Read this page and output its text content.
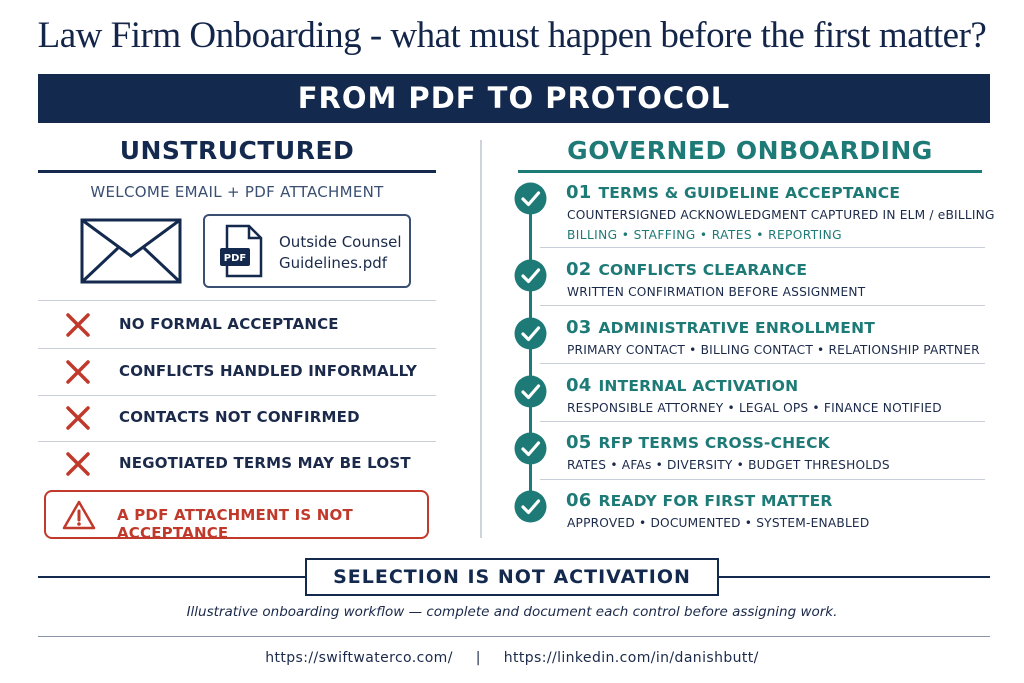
Law Firm Onboarding - what must happen before the first matter?
FROM PDF TO PROTOCOL
UNSTRUCTURED
WELCOME EMAIL + PDF ATTACHMENT
PDF
Outside Counsel
Guidelines.pdf
NO FORMAL ACCEPTANCE
CONFLICTS HANDLED INFORMALLY
CONTACTS NOT CONFIRMED
NEGOTIATED TERMS MAY BE LOST
A PDF ATTACHMENT IS NOT ACCEPTANCE
GOVERNED ONBOARDING
01 TERMS & GUIDELINE ACCEPTANCE
COUNTERSIGNED ACKNOWLEDGMENT CAPTURED IN ELM / eBILLING
BILLING • STAFFING • RATES • REPORTING
02 CONFLICTS CLEARANCE
WRITTEN CONFIRMATION BEFORE ASSIGNMENT
03 ADMINISTRATIVE ENROLLMENT
PRIMARY CONTACT • BILLING CONTACT • RELATIONSHIP PARTNER
04 INTERNAL ACTIVATION
RESPONSIBLE ATTORNEY • LEGAL OPS • FINANCE NOTIFIED
05 RFP TERMS CROSS-CHECK
RATES • AFAs • DIVERSITY • BUDGET THRESHOLDS
06 READY FOR FIRST MATTER
APPROVED • DOCUMENTED • SYSTEM-ENABLED
SELECTION IS NOT ACTIVATION
Illustrative onboarding workflow — complete and document each control before assigning work.
https://swiftwaterco.com/ | https://linkedin.com/in/danishbutt/
